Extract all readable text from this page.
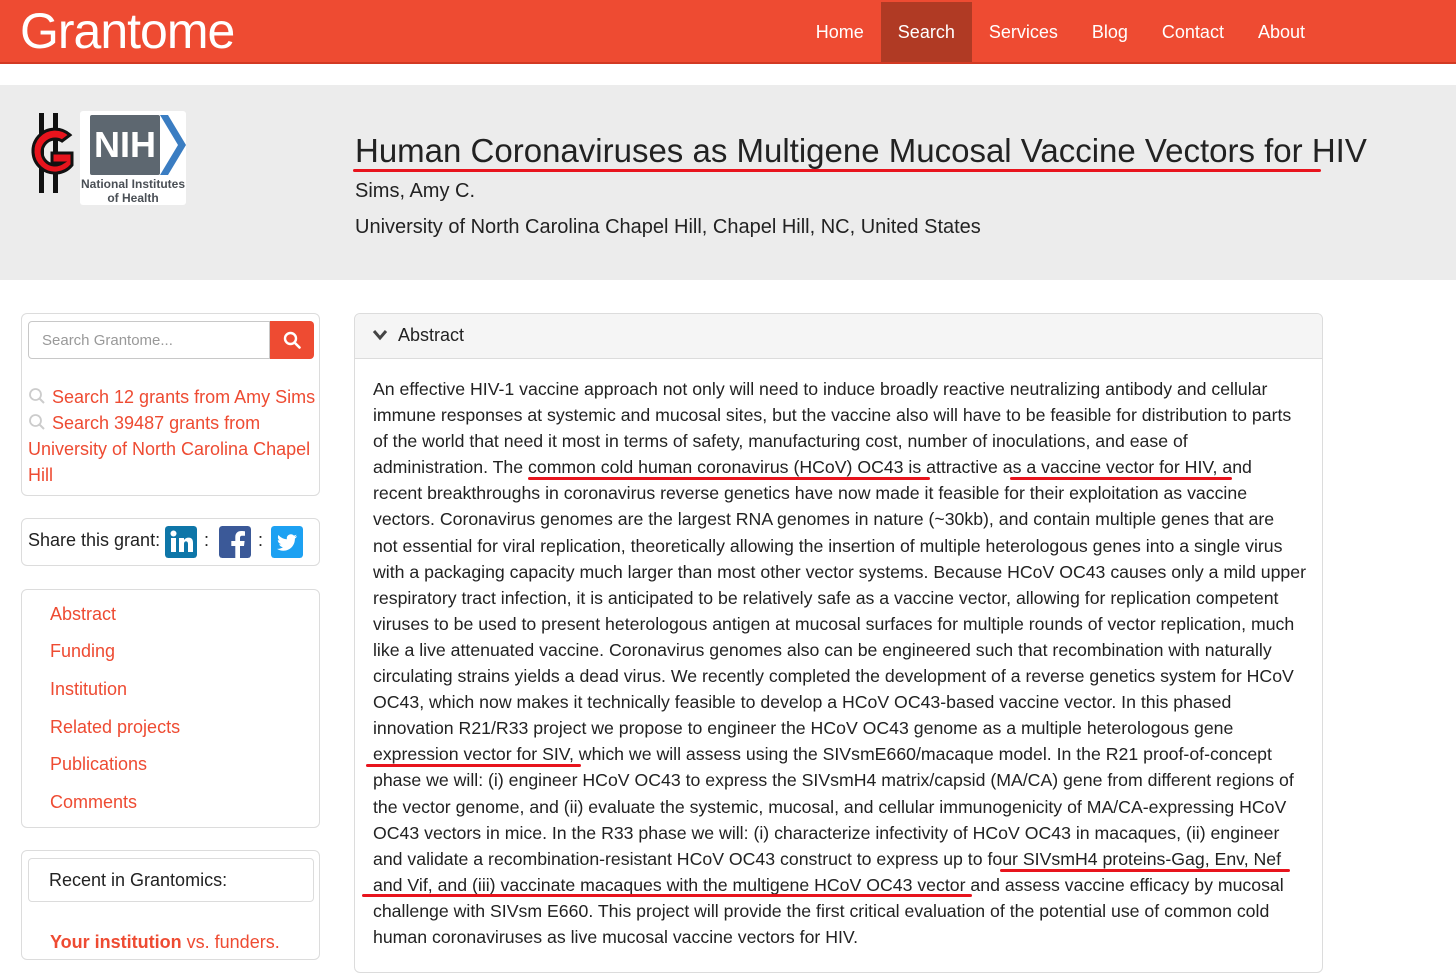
Grantome	Home	Search	Services	Blog	Contact	About
NIH
National Institutes
of Health
Human Coronaviruses as Multigene Mucosal Vaccine Vectors for HIV
Sims, Amy C.
University of North Carolina Chapel Hill, Chapel Hill, NC, United States
Search Grantome...
Search 12 grants from Amy Sims
Search 39487 grants from
University of North Carolina Chapel
Hill
Share this grant: :	:
Abstract
Funding
Institution
Related projects
Publications
Comments
Recent in Grantomics:
Your institution vs. funders.
Abstract
An effective HIV-1 vaccine approach not only will need to induce broadly reactive neutralizing antibody and cellular
immune responses at systemic and mucosal sites, but the vaccine also will have to be feasible for distribution to parts
of the world that need it most in terms of safety, manufacturing cost, number of inoculations, and ease of
administration. The common cold human coronavirus (HCoV) OC43 is attractive as a vaccine vector for HIV, and
recent breakthroughs in coronavirus reverse genetics have now made it feasible for their exploitation as vaccine
vectors. Coronavirus genomes are the largest RNA genomes in nature (~30kb), and contain multiple genes that are
not essential for viral replication, theoretically allowing the insertion of multiple heterologous genes into a single virus
with a packaging capacity much larger than most other vector systems. Because HCoV OC43 causes only a mild upper
respiratory tract infection, it is anticipated to be relatively safe as a vaccine vector, allowing for replication competent
viruses to be used to present heterologous antigen at mucosal surfaces for multiple rounds of vector replication, much
like a live attenuated vaccine. Coronavirus genomes also can be engineered such that recombination with naturally
circulating strains yields a dead virus. We recently completed the development of a reverse genetics system for HCoV
OC43, which now makes it technically feasible to develop a HCoV OC43-based vaccine vector. In this phased
innovation R21/R33 project we propose to engineer the HCoV OC43 genome as a multiple heterologous gene
expression vector for SIV, which we will assess using the SIVsmE660/macaque model. In the R21 proof-of-concept
phase we will: (i) engineer HCoV OC43 to express the SIVsmH4 matrix/capsid (MA/CA) gene from different regions of
the vector genome, and (ii) evaluate the systemic, mucosal, and cellular immunogenicity of MA/CA-expressing HCoV
OC43 vectors in mice. In the R33 phase we will: (i) characterize infectivity of HCoV OC43 in macaques, (ii) engineer
and validate a recombination-resistant HCoV OC43 construct to express up to four SIVsmH4 proteins-Gag, Env, Nef
and Vif, and (iii) vaccinate macaques with the multigene HCoV OC43 vector and assess vaccine efficacy by mucosal
challenge with SIVsm E660. This project will provide the first critical evaluation of the potential use of common cold
human coronaviruses as live mucosal vaccine vectors for HIV.
